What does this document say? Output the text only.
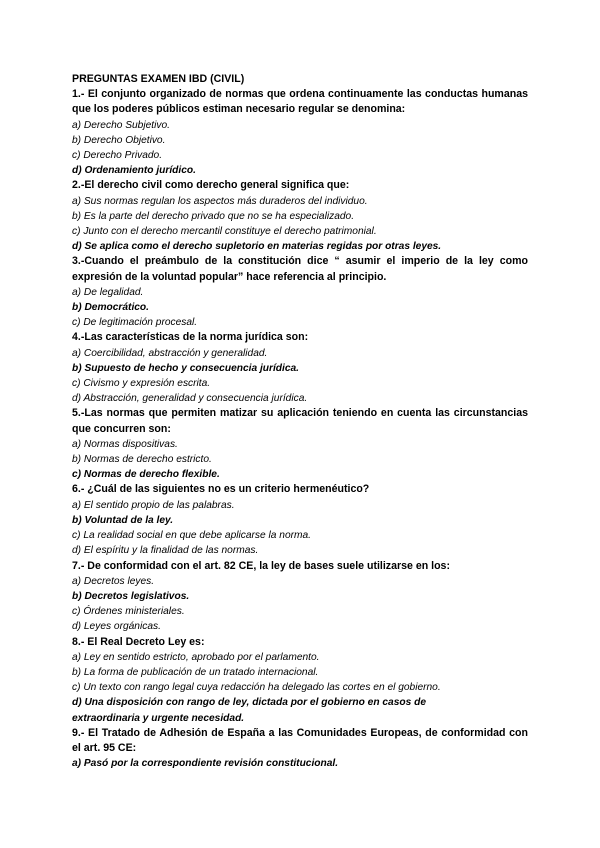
PREGUNTAS EXAMEN IBD (CIVIL)
1.- El conjunto organizado de normas que ordena continuamente las conductas humanas que los poderes públicos estiman necesario regular se denomina:
a) Derecho Subjetivo.
b) Derecho Objetivo.
c) Derecho Privado.
d) Ordenamiento jurídico.
2.-El derecho civil como derecho general significa que:
a) Sus normas regulan los aspectos más duraderos del individuo.
b) Es la parte del derecho privado que no se ha especializado.
c) Junto con el derecho mercantil constituye el derecho patrimonial.
d) Se aplica como el derecho supletorio en materias regidas por otras leyes.
3.-Cuando el preámbulo de la constitución dice “ asumir el imperio de la ley como expresión de la voluntad popular” hace referencia al principio.
a) De legalidad.
b) Democrático.
c) De legitimación procesal.
4.-Las características de la norma jurídica son:
a) Coercibilidad, abstracción y generalidad.
b) Supuesto de hecho y consecuencia jurídica.
c) Civismo y expresión escrita.
d) Abstracción, generalidad y consecuencia jurídica.
5.-Las normas que permiten matizar su aplicación teniendo en cuenta las circunstancias que concurren son:
a) Normas dispositivas.
b) Normas de derecho estricto.
c) Normas de derecho flexible.
6.- ¿Cuál de las siguientes no es un criterio hermenéutico?
a) El sentido propio de las palabras.
b) Voluntad de la ley.
c) La realidad social en que debe aplicarse la norma.
d) El espíritu y la finalidad de las normas.
7.- De conformidad con el art. 82 CE, la ley de bases suele utilizarse en los:
a) Decretos leyes.
b) Decretos legislativos.
c) Órdenes ministeriales.
d) Leyes orgánicas.
8.- El Real Decreto Ley es:
a) Ley en sentido estricto, aprobado por el parlamento.
b) La forma de publicación de un tratado internacional.
c) Un texto con rango legal cuya redacción ha delegado las cortes en el gobierno.
d) Una disposición con rango de ley, dictada por el gobierno en casos de
extraordinaria y urgente necesidad.
9.- El Tratado de Adhesión de España a las Comunidades Europeas, de conformidad con el art. 95 CE:
a) Pasó por la correspondiente revisión constitucional.
